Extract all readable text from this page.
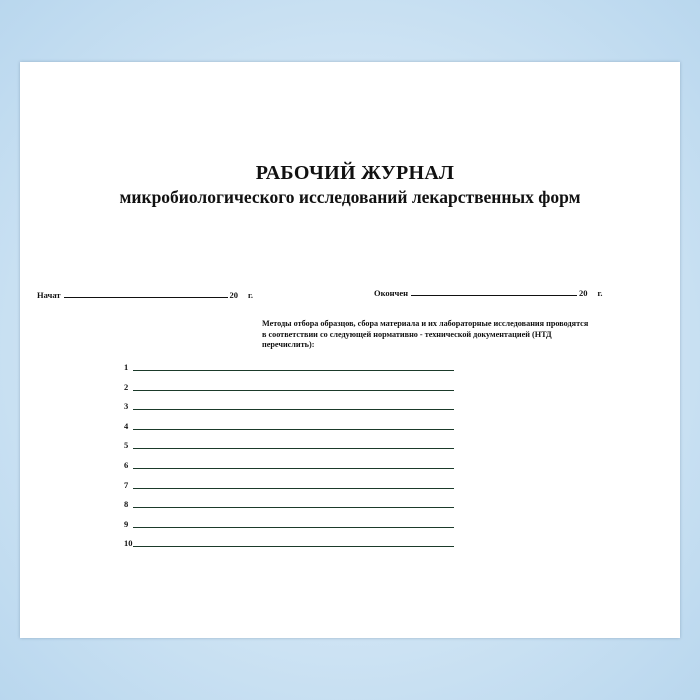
РАБОЧИЙ ЖУРНАЛ
микробиологического исследований лекарственных форм
Начат	20 г.	Окончен	20 г.
Методы отбора образцов, сбора материала и их лабораторные исследования проводятся в соответствии со следующей нормативно - технической документацией (НТД перечислить):
1
2
3
4
5
6
7
8
9
10
